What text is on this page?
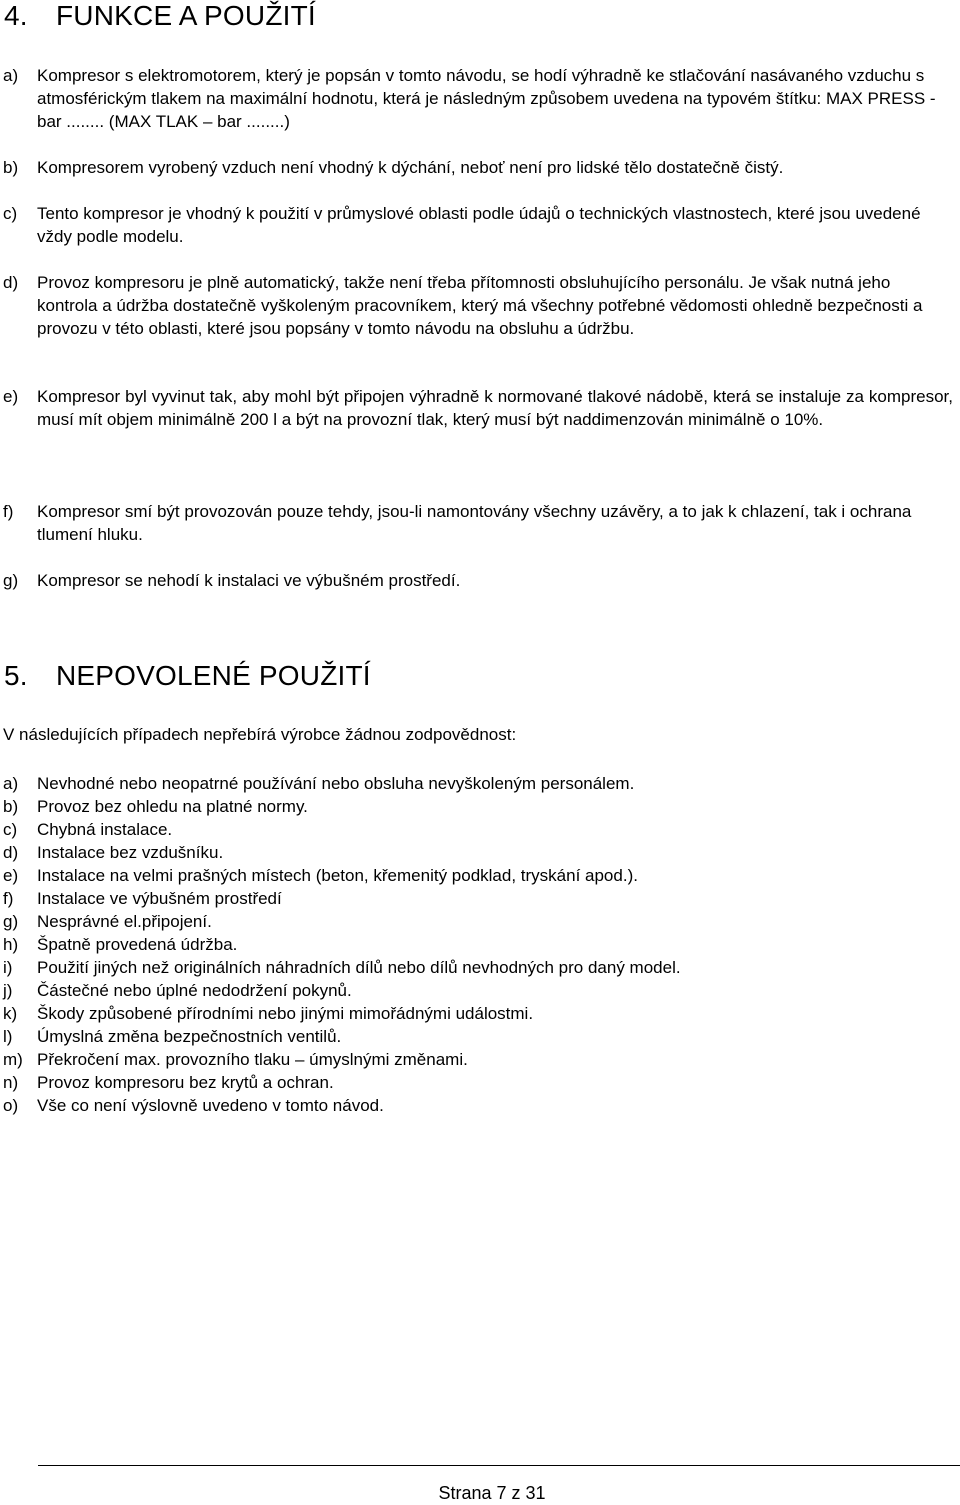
4. FUNKCE A POUŽITÍ
a)	Kompresor s elektromotorem, který je popsán v tomto návodu, se hodí výhradně ke stlačování nasávaného vzduchu s atmosférickým tlakem na maximální hodnotu, která je následným způsobem uvedena na typovém štítku: MAX PRESS - bar ........ (MAX TLAK – bar ........)
b)	Kompresorem vyrobený vzduch není vhodný k dýchání, neboť není pro lidské tělo dostatečně čistý.
c)	Tento kompresor je vhodný k použití v průmyslové oblasti podle údajů o technických vlastnostech, které jsou uvedené vždy podle modelu.
d)	Provoz kompresoru je plně automatický, takže není třeba přítomnosti obsluhujícího personálu. Je však nutná jeho kontrola a údržba dostatečně vyškoleným pracovníkem, který má všechny potřebné vědomosti ohledně bezpečnosti a provozu v této oblasti, které jsou popsány v tomto návodu na obsluhu a údržbu.
e)	Kompresor byl vyvinut tak, aby mohl být připojen výhradně k normované tlakové nádobě, která se instaluje za kompresor, musí mít objem minimálně 200 l a být na provozní tlak, který musí být naddimenzován minimálně o 10%.
f)	Kompresor smí být provozován pouze tehdy, jsou-li namontovány všechny uzávěry, a to jak k chlazení, tak i ochrana tlumení hluku.
g)	Kompresor se nehodí k instalaci ve výbušném prostředí.
5. NEPOVOLENÉ POUŽITÍ
V následujících případech nepřebírá výrobce žádnou zodpovědnost:
a)	Nevhodné nebo neopatrné používání nebo obsluha nevyškoleným personálem.
b)	Provoz bez ohledu na platné normy.
c)	Chybná instalace.
d)	Instalace bez vzdušníku.
e)	Instalace na velmi prašných místech (beton, křemenitý podklad, tryskání apod.).
f)	Instalace ve výbušném prostředí
g)	Nesprávné el.připojení.
h)	Špatně provedená údržba.
i)	Použití jiných než originálních náhradních dílů nebo dílů nevhodných pro daný model.
j)	Částečné nebo úplné nedodržení pokynů.
k)	Škody způsobené přírodními nebo jinými mimořádnými událostmi.
l)	Úmyslná změna bezpečnostních ventilů.
m) Překročení max. provozního tlaku – úmyslnými změnami.
n)	Provoz kompresoru bez krytů a ochran.
o)	Vše co není výslovně uvedeno v tomto návod.
Strana 7 z 31
